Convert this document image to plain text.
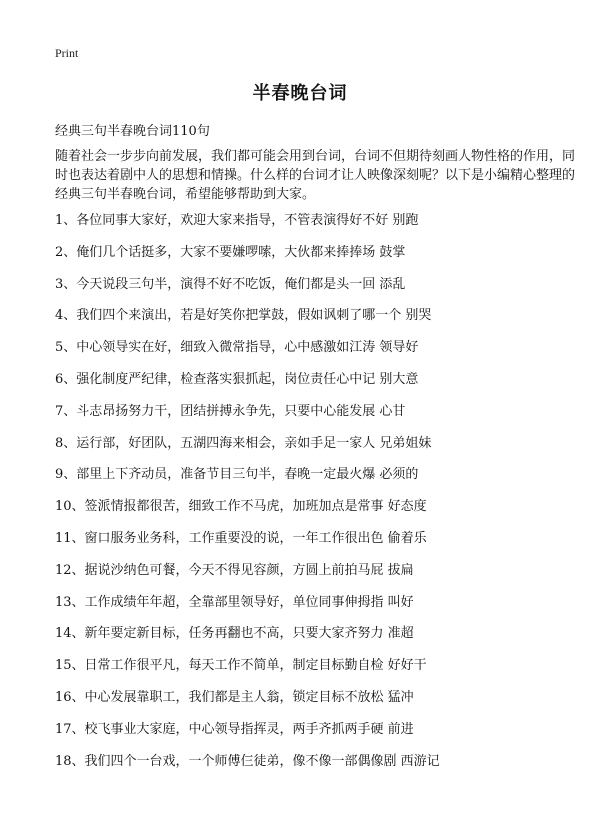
Print
半春晚台词
经典三句半春晚台词110句
随着社会一步步向前发展，我们都可能会用到台词，台词不但期待刻画人物性格的作用，同时也表达着剧中人的思想和情操。什么样的台词才让人映像深刻呢？以下是小编精心整理的经典三句半春晚台词，希望能够帮助到大家。
1、各位同事大家好，欢迎大家来指导，不管表演得好不好 别跑
2、俺们几个话挺多，大家不要嫌啰嗦，大伙都来捧捧场 鼓掌
3、今天说段三句半，演得不好不吃饭，俺们都是头一回 添乱
4、我们四个来演出，若是好笑你把掌鼓，假如讽刺了哪一个 别哭
5、中心领导实在好，细致入微常指导，心中感激如江涛 领导好
6、强化制度严纪律，检查落实狠抓起，岗位责任心中记 别大意
7、斗志昂扬努力干，团结拼搏永争先，只要中心能发展 心甘
8、运行部，好团队，五湖四海来相会，亲如手足一家人 兄弟姐妹
9、部里上下齐动员，准备节目三句半，春晚一定最火爆 必须的
10、签派情报都很苦，细致工作不马虎，加班加点是常事 好态度
11、窗口服务业务科，工作重要没的说，一年工作很出色 偷着乐
12、据说沙纳色可餐，今天不得见容颜，方圆上前拍马屁 拔扁
13、工作成绩年年超，全靠部里领导好，单位同事伸拇指 叫好
14、新年要定新目标，任务再翻也不高，只要大家齐努力 准超
15、日常工作很平凡，每天工作不简单，制定目标勤自检 好好干
16、中心发展靠职工，我们都是主人翁，锁定目标不放松 猛冲
17、校飞事业大家庭，中心领导指挥灵，两手齐抓两手硬 前进
18、我们四个一台戏，一个师傅仨徒弟，像不像一部偶像剧 西游记
